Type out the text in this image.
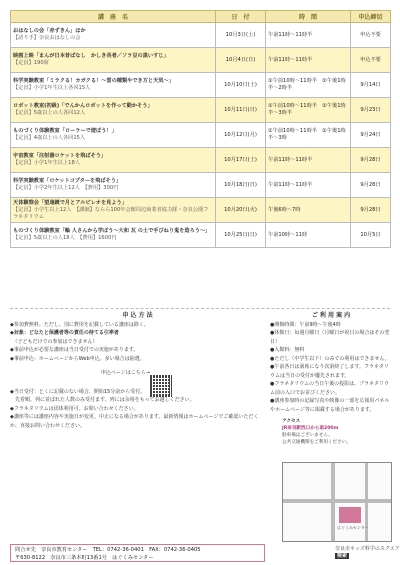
講　座　名	日　付	時　間	申込締切

おはなしの会「赤ずきん」ほか
【語り手】奈良おはなしの会	10月3日(土)	午前11時〜11時半	申込不要

映画上映「まんが日本昔ばなし　かしき長者／ソラ豆の黒いすじ」
【定員】190席	10月4日(日)	午前11時〜11時半	申込不要

科学実験教室「ミラクる！カガクる！〜雲の種類やでき方と天気〜」
【定員】小学1年生以上各回15人	10月10日(土)	①午前10時〜11時半　②午後1時半〜2時半	9月14日

ロボット教室(初級)「でんかんロボットを作って動かそう」
【定員】5歳以上の人各回12人	10月11日(日)	①午前10時〜11時半　②午後1時半〜3時半	9月23日

ものづくり体験教室「ローラーで遊ぼう！」
【定員】4歳以上の人各回15人	10月12日(月)	①午前10時〜11時半　②午後1時半〜3時	9月24日

宇宙教室「注射器ロケットを飛ばそう」
【定員】小学1年生以上18人	10月17日(土)	午前11時〜11時半	9月28日

科学実験教室「ロケットコプターを飛ばそう」
【定員】小学2年生以上12人　【費用】300円	10月18日(日)	午前11時〜11時半	9月28日

天体観察会「望遠鏡で月とアルビレオを見よう」
【定員】小学生以上12人　【講師】ならら100年会館周辺商業者協力隊・奈良公園フラネタリウム	10月20日(火)	午後6時〜7時	9月28日

ものづくり体験教室「輪 人さんから学ぼう〜大和 瓦 の土で手びねり鬼を造ろう〜」
【定員】5歳以上の人18人　【費用】1600円	10月25日(日)	午前10時〜11時	10月5日
申 込 方 法

◆参加費無料。ただし、別に費用を記載している講座は除く。

◆対象：どなたと保護者等の責任の持てる引率者

　（子どもだけでの参加はできません）

◆事前申込が必要な講座は当日受付での実施があります。

◆事前申込：ホームページからWeb申込。多い場合は抽選。

申込ページはこちら→

◆当日受付：とくに記載のない場合、開始15分前から受付。

　先着順。列に並ばれた人数のみ受付ます。列には余裕をもってお越しください。

◆フラネタリウムは団体利用可。お問い合わせください。

◆講座等には講座内容や実施日が変更、中止になる場合があります。最新情報はホームページでご確認いただくか、直接お問い合わせください。

ご 利 用 案 内

●開館時間：午前9時〜午後4時

●休館日：毎週月曜日（月曜日が祝日の場合はその翌日）

●入館料：無料

●ただし（中学生以下）のみでの利用はできません。

●午前各日は満席になり次第終了します。フラネタリウムは当日の受付が優先されます。

●フラネタリウムの当日午後の投影は、プラネタリウム前の入口でお並びください。

●講座参加時の記録写真や映像の一部を広報用パネルやホームページ等に掲載する場合があります。

アクセス
JR奈良駅西口から南200m
駐車場はございません。
公共交通機関をご利用ください。
はぐくみセンター
問合せ先　奈良市教育センター　TEL：0742-36-0401　FAX：0742-36-0405
〒630-8122　奈良市三条本町13番1号　はぐくみセンター
奈良市キッズ科学のスクエア 検索
